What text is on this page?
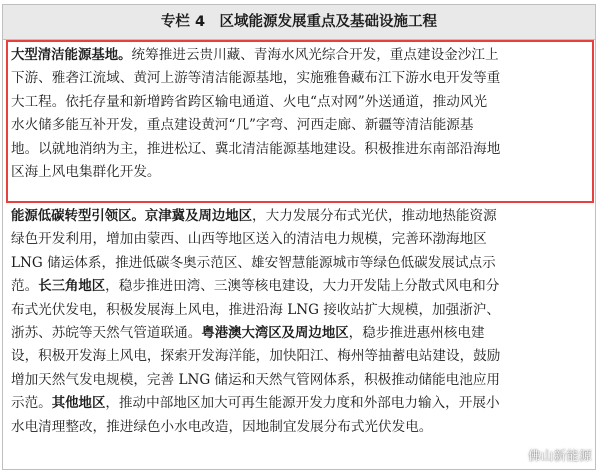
专栏 4　区域能源发展重点及基础设施工程
大型清洁能源基地。统筹推进云贵川藏、青海水风光综合开发，重点建设金沙江上
下游、雅砻江流域、黄河上游等清洁能源基地，实施雅鲁藏布江下游水电开发等重
大工程。依托存量和新增跨省跨区输电通道、火电“点对网”外送通道，推动风光
水火储多能互补开发，重点建设黄河“几”字弯、河西走廊、新疆等清洁能源基
地。以就地消纳为主，推进松辽、冀北清洁能源基地建设。积极推进东南部沿海地
区海上风电集群化开发。
能源低碳转型引领区。京津冀及周边地区，大力发展分布式光伏，推动地热能资源
绿色开发利用，增加由蒙西、山西等地区送入的清洁电力规模，完善环渤海地区
LNG 储运体系，推进低碳冬奥示范区、雄安智慧能源城市等绿色低碳发展试点示
范。长三角地区，稳步推进田湾、三澳等核电建设，大力开发陆上分散式风电和分
布式光伏发电，积极发展海上风电，推进沿海 LNG 接收站扩大规模，加强浙沪、
浙苏、苏皖等天然气管道联通。粤港澳大湾区及周边地区，稳步推进惠州核电建
设，积极开发海上风电，探索开发海洋能，加快阳江、梅州等抽蓄电站建设，鼓励
增加天然气发电规模，完善 LNG 储运和天然气管网体系，积极推动储能电池应用
示范。其他地区，推动中部地区加大可再生能源开发力度和外部电力输入，开展小
水电清理整改，推进绿色小水电改造，因地制宜发展分布式光伏发电。
佛山新能源
